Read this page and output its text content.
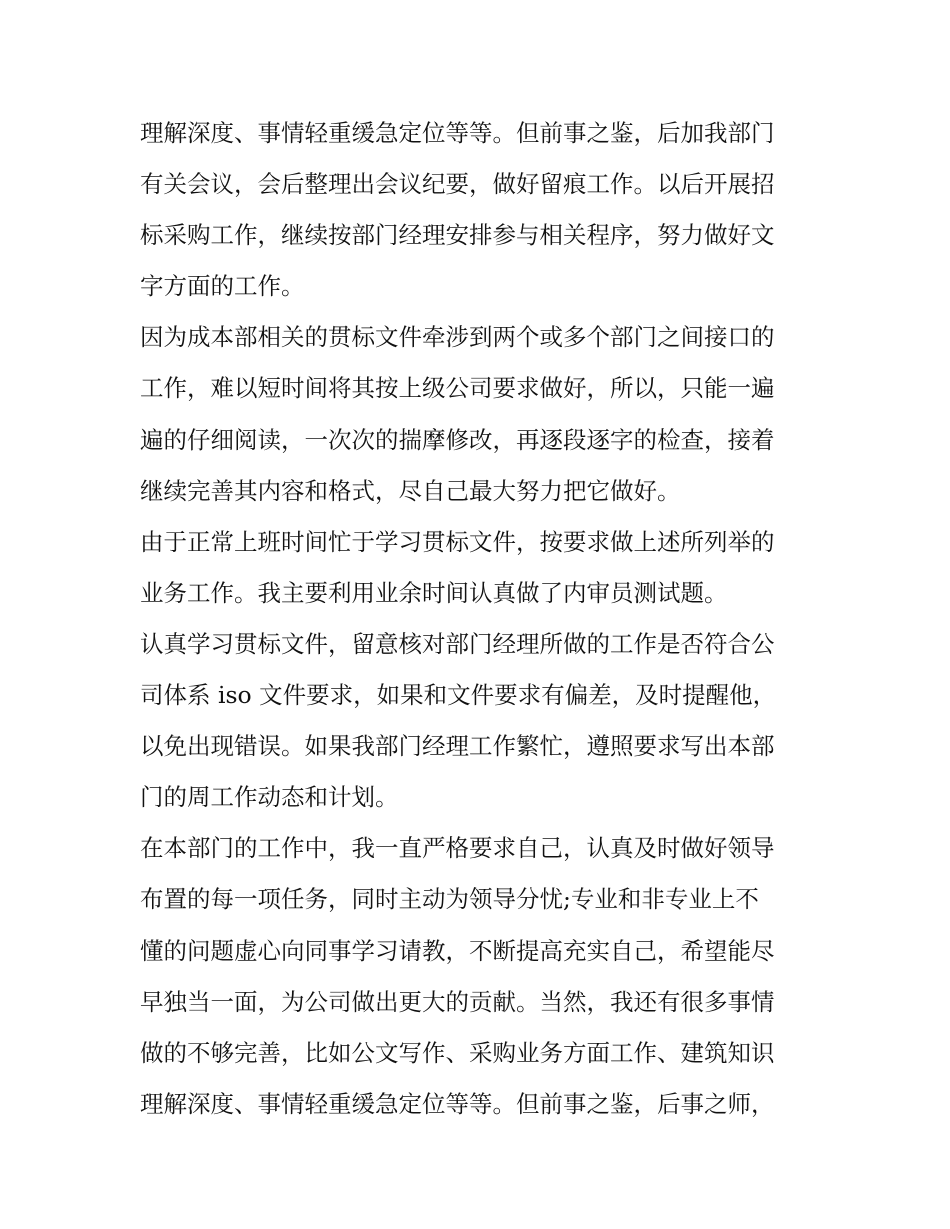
理解深度、事情轻重缓急定位等等。但前事之鉴，后加我部门
有关会议，会后整理出会议纪要，做好留痕工作。以后开展招
标采购工作，继续按部门经理安排参与相关程序，努力做好文
字方面的工作。
因为成本部相关的贯标文件牵涉到两个或多个部门之间接口的
工作，难以短时间将其按上级公司要求做好，所以，只能一遍
遍的仔细阅读，一次次的揣摩修改，再逐段逐字的检查，接着
继续完善其内容和格式，尽自己最大努力把它做好。
由于正常上班时间忙于学习贯标文件，按要求做上述所列举的
业务工作。我主要利用业余时间认真做了内审员测试题。
认真学习贯标文件，留意核对部门经理所做的工作是否符合公
司体系 iso 文件要求，如果和文件要求有偏差，及时提醒他，
以免出现错误。如果我部门经理工作繁忙，遵照要求写出本部
门的周工作动态和计划。
在本部门的工作中，我一直严格要求自己，认真及时做好领导
布置的每一项任务，同时主动为领导分忧;专业和非专业上不
懂的问题虚心向同事学习请教，不断提高充实自己，希望能尽
早独当一面，为公司做出更大的贡献。当然，我还有很多事情
做的不够完善，比如公文写作、采购业务方面工作、建筑知识
理解深度、事情轻重缓急定位等等。但前事之鉴，后事之师，
